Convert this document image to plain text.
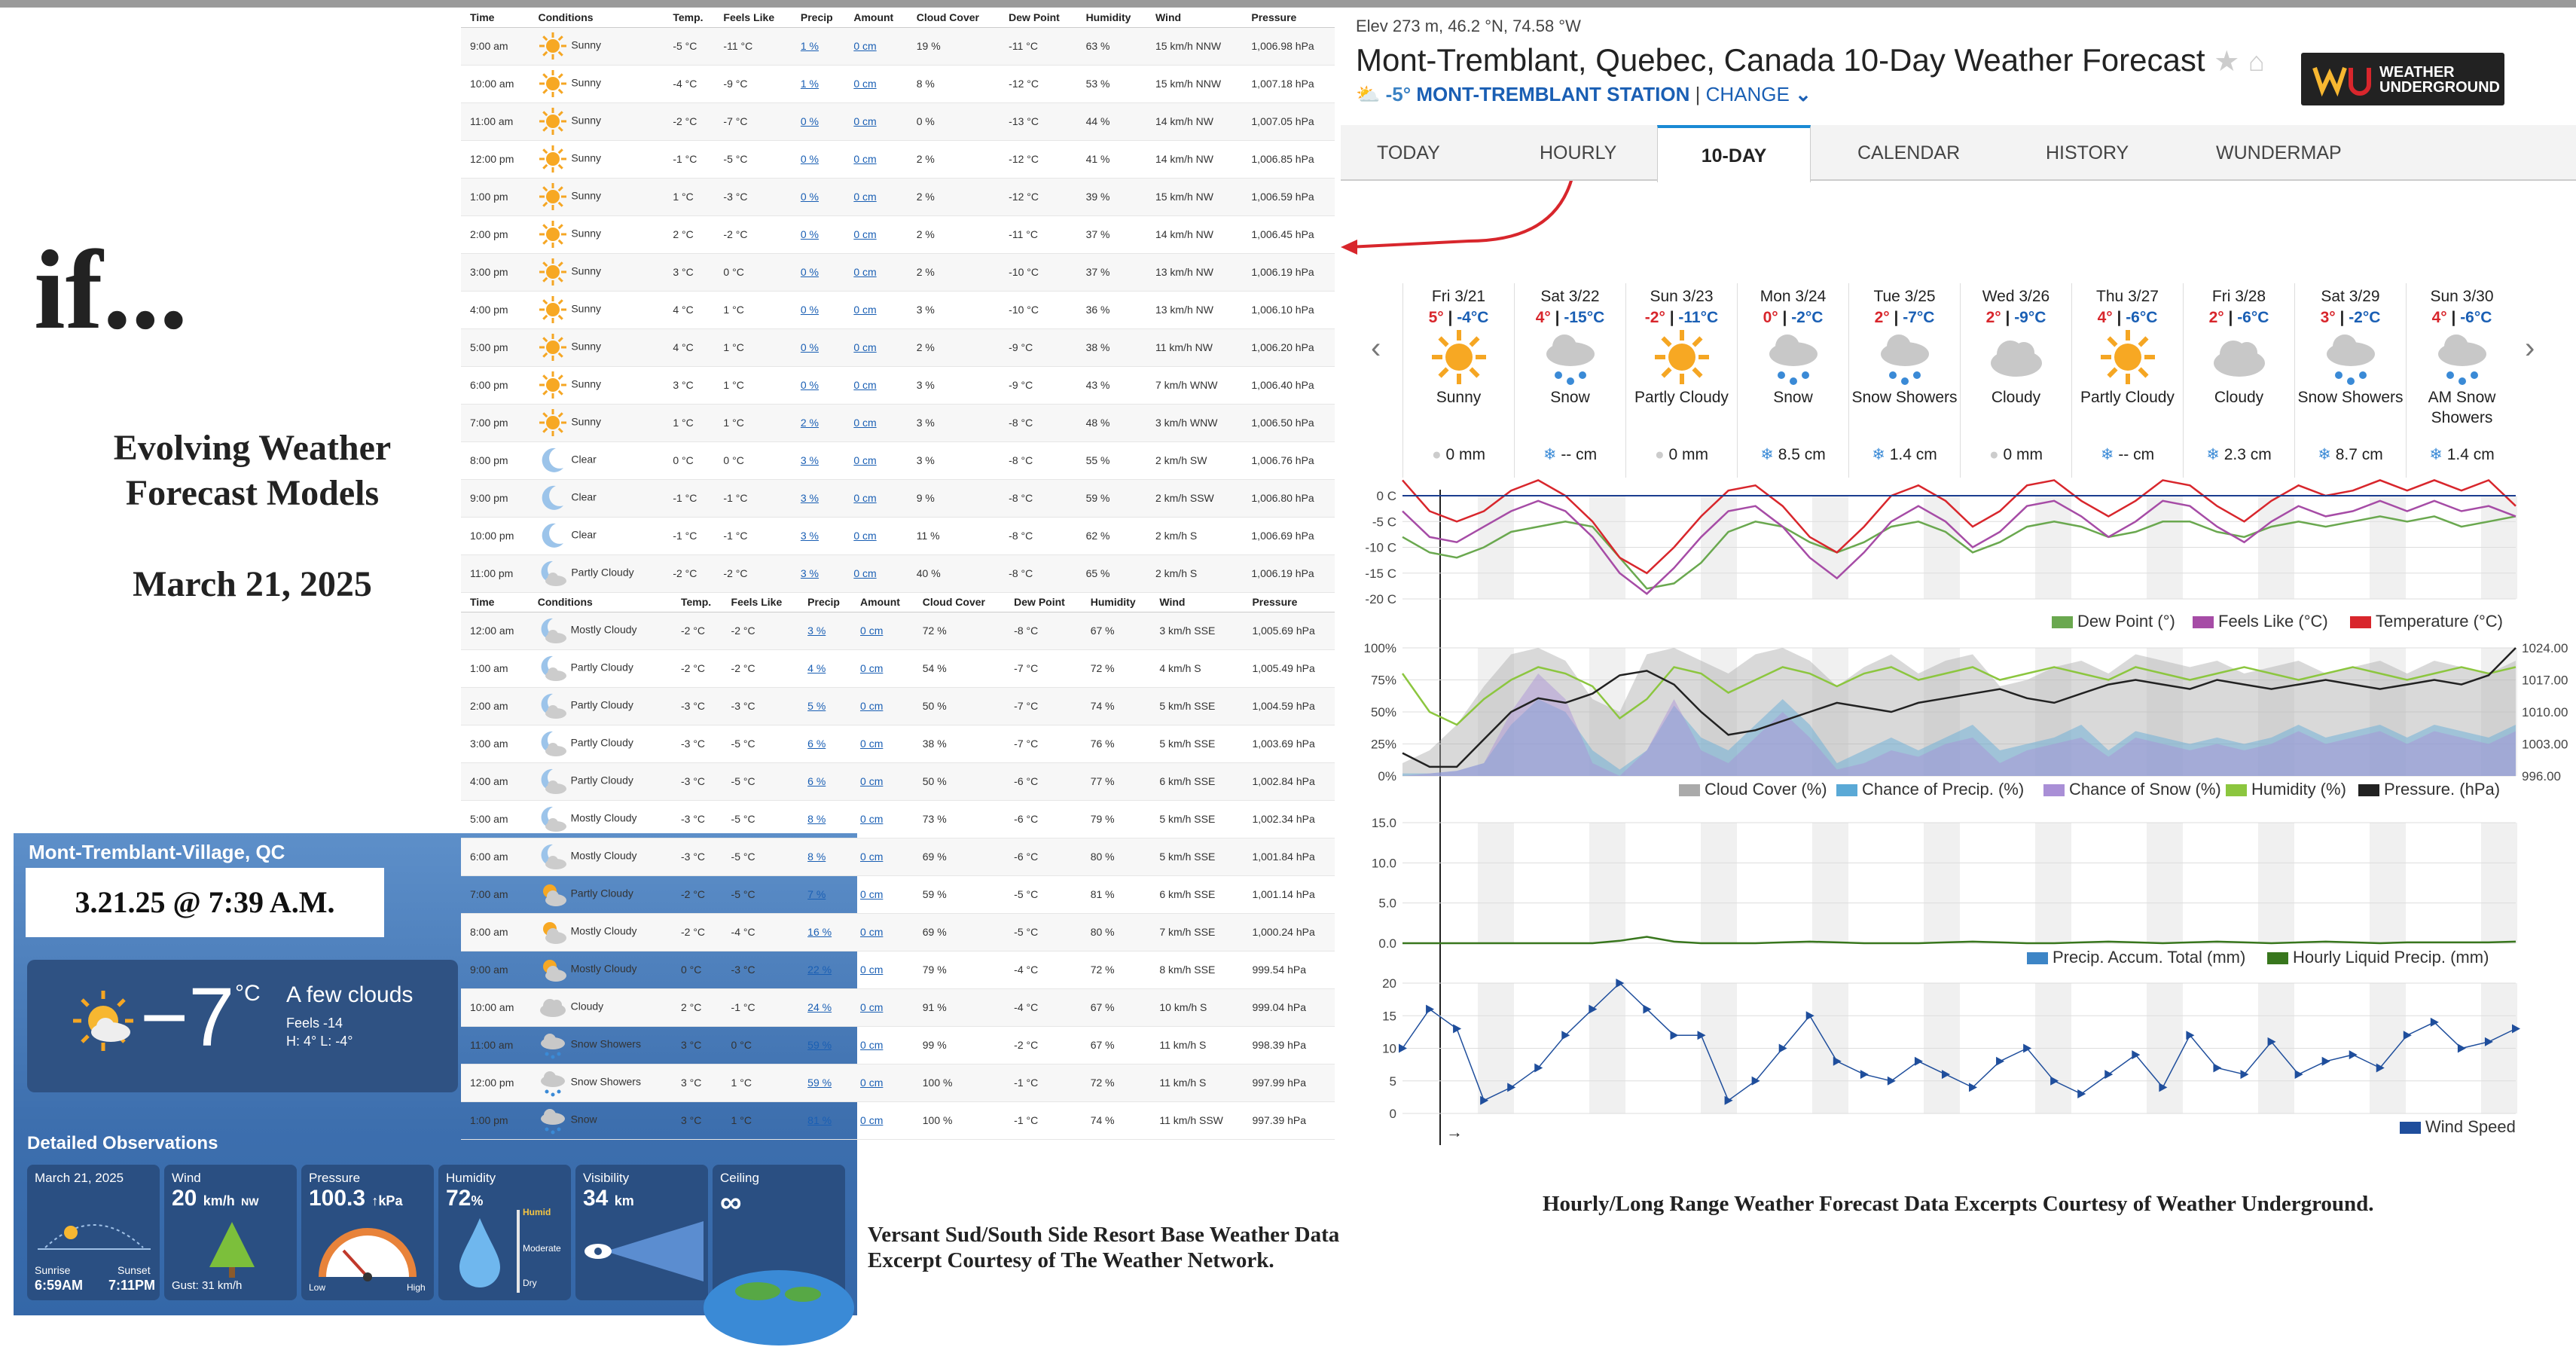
if...
Evolving Weather Forecast Models
March 21, 2025
Mont-Tremblant-Village, QC
3.21.25 @ 7:39 A.M.
−7 °C A few clouds
Feels -14
H: 4° L: -4°
Detailed Observations
March 21, 2025
Sunrise
6:59AM
Sunset
7:11PM
Wind
20 km/h NW
Gust: 31 km/h
Pressure
100.3 ↑kPa
Low	High
Humidity
72%
Humid
Moderate
Dry
Visibility
34 km
Ceiling
∞
Versant Sud/South Side Resort Base Weather Data Excerpt Courtesy of The Weather Network.
Time	Conditions	Temp.	Feels Like	Precip	Amount	Cloud Cover	Dew Point	Humidity	Wind	Pressure
9:00 am	Sunny	-5 °C	-11 °C	1 %	0 cm	19 %	-11 °C	63 %	15 km/h NNW	1,006.98 hPa
10:00 am	Sunny	-4 °C	-9 °C	1 %	0 cm	8 %	-12 °C	53 %	15 km/h NNW	1,007.18 hPa
11:00 am	Sunny	-2 °C	-7 °C	0 %	0 cm	0 %	-13 °C	44 %	14 km/h NW	1,007.05 hPa
12:00 pm	Sunny	-1 °C	-5 °C	0 %	0 cm	2 %	-12 °C	41 %	14 km/h NW	1,006.85 hPa
1:00 pm	Sunny	1 °C	-3 °C	0 %	0 cm	2 %	-12 °C	39 %	15 km/h NW	1,006.59 hPa
2:00 pm	Sunny	2 °C	-2 °C	0 %	0 cm	2 %	-11 °C	37 %	14 km/h NW	1,006.45 hPa
3:00 pm	Sunny	3 °C	0 °C	0 %	0 cm	2 %	-10 °C	37 %	13 km/h NW	1,006.19 hPa
4:00 pm	Sunny	4 °C	1 °C	0 %	0 cm	3 %	-10 °C	36 %	13 km/h NW	1,006.10 hPa
5:00 pm	Sunny	4 °C	1 °C	0 %	0 cm	2 %	-9 °C	38 %	11 km/h NW	1,006.20 hPa
6:00 pm	Sunny	3 °C	1 °C	0 %	0 cm	3 %	-9 °C	43 %	7 km/h WNW	1,006.40 hPa
7:00 pm	Sunny	1 °C	1 °C	2 %	0 cm	3 %	-8 °C	48 %	3 km/h WNW	1,006.50 hPa
8:00 pm	Clear	0 °C	0 °C	3 %	0 cm	3 %	-8 °C	55 %	2 km/h SW	1,006.76 hPa
9:00 pm	Clear	-1 °C	-1 °C	3 %	0 cm	9 %	-8 °C	59 %	2 km/h SSW	1,006.80 hPa
10:00 pm	Clear	-1 °C	-1 °C	3 %	0 cm	11 %	-8 °C	62 %	2 km/h S	1,006.69 hPa
11:00 pm	Partly Cloudy	-2 °C	-2 °C	3 %	0 cm	40 %	-8 °C	65 %	2 km/h S	1,006.19 hPa
Time	Conditions	Temp.	Feels Like	Precip	Amount	Cloud Cover	Dew Point	Humidity	Wind	Pressure
12:00 am	Mostly Cloudy	-2 °C	-2 °C	3 %	0 cm	72 %	-8 °C	67 %	3 km/h SSE	1,005.69 hPa
1:00 am	Partly Cloudy	-2 °C	-2 °C	4 %	0 cm	54 %	-7 °C	72 %	4 km/h S	1,005.49 hPa
2:00 am	Partly Cloudy	-3 °C	-3 °C	5 %	0 cm	50 %	-7 °C	74 %	5 km/h SSE	1,004.59 hPa
3:00 am	Partly Cloudy	-3 °C	-5 °C	6 %	0 cm	38 %	-7 °C	76 %	5 km/h SSE	1,003.69 hPa
4:00 am	Partly Cloudy	-3 °C	-5 °C	6 %	0 cm	50 %	-6 °C	77 %	6 km/h SSE	1,002.84 hPa
5:00 am	Mostly Cloudy	-3 °C	-5 °C	8 %	0 cm	73 %	-6 °C	79 %	5 km/h SSE	1,002.34 hPa
6:00 am	Mostly Cloudy	-3 °C	-5 °C	8 %	0 cm	69 %	-6 °C	80 %	5 km/h SSE	1,001.84 hPa
7:00 am	Partly Cloudy	-2 °C	-5 °C	7 %	0 cm	59 %	-5 °C	81 %	6 km/h SSE	1,001.14 hPa
8:00 am	Mostly Cloudy	-2 °C	-4 °C	16 %	0 cm	69 %	-5 °C	80 %	7 km/h SSE	1,000.24 hPa
9:00 am	Mostly Cloudy	0 °C	-3 °C	22 %	0 cm	79 %	-4 °C	72 %	8 km/h SSE	999.54 hPa
10:00 am	Cloudy	2 °C	-1 °C	24 %	0 cm	91 %	-4 °C	67 %	10 km/h S	999.04 hPa
11:00 am	Snow Showers	3 °C	0 °C	59 %	0 cm	99 %	-2 °C	67 %	11 km/h S	998.39 hPa
12:00 pm	Snow Showers	3 °C	1 °C	59 %	0 cm	100 %	-1 °C	72 %	11 km/h S	997.99 hPa
1:00 pm	Snow	3 °C	1 °C	81 %	0 cm	100 %	-1 °C	74 %	11 km/h SSW	997.39 hPa
Elev 273 m, 46.2 °N, 74.58 °W
Mont-Tremblant, Quebec, Canada 10-Day Weather Forecast ★ ⌂
⛅ -5° MONT-TREMBLANT STATION | CHANGE ⌄
WEATHER UNDERGROUND
TODAY	HOURLY	10-DAY	CALENDAR	HISTORY	WUNDERMAP
‹	›
Fri 3/21
5° | -4°C
Sunny
● 0 mm
Sat 3/22
4° | -15°C
Snow
❄ -- cm
Sun 3/23
-2° | -11°C
Partly Cloudy
● 0 mm
Mon 3/24
0° | -2°C
Snow
❄ 8.5 cm
Tue 3/25
2° | -7°C
Snow Showers
❄ 1.4 cm
Wed 3/26
2° | -9°C
Cloudy
● 0 mm
Thu 3/27
4° | -6°C
Partly Cloudy
❄ -- cm
Fri 3/28
2° | -6°C
Cloudy
❄ 2.3 cm
Sat 3/29
3° | -2°C
Snow Showers
❄ 8.7 cm
Sun 3/30
4° | -6°C
AM Snow Showers
❄ 1.4 cm
0 C
-5 C
-10 C
-15 C
-20 C
Temperature (°C)
Feels Like (°C)
Dew Point (°)
100%
75%
50%
25%
0%
1024.00
1017.00
1010.00
1003.00
996.00
Pressure. (hPa)
Humidity (%)
Chance of Snow (%)
Chance of Precip. (%)
Cloud Cover (%)
15.0
10.0
5.0
0.0
Hourly Liquid Precip. (mm)
Precip. Accum. Total (mm)
20
15
10
5
0
Wind Speed
→
Hourly/Long Range Weather Forecast Data Excerpts Courtesy of Weather Underground.
